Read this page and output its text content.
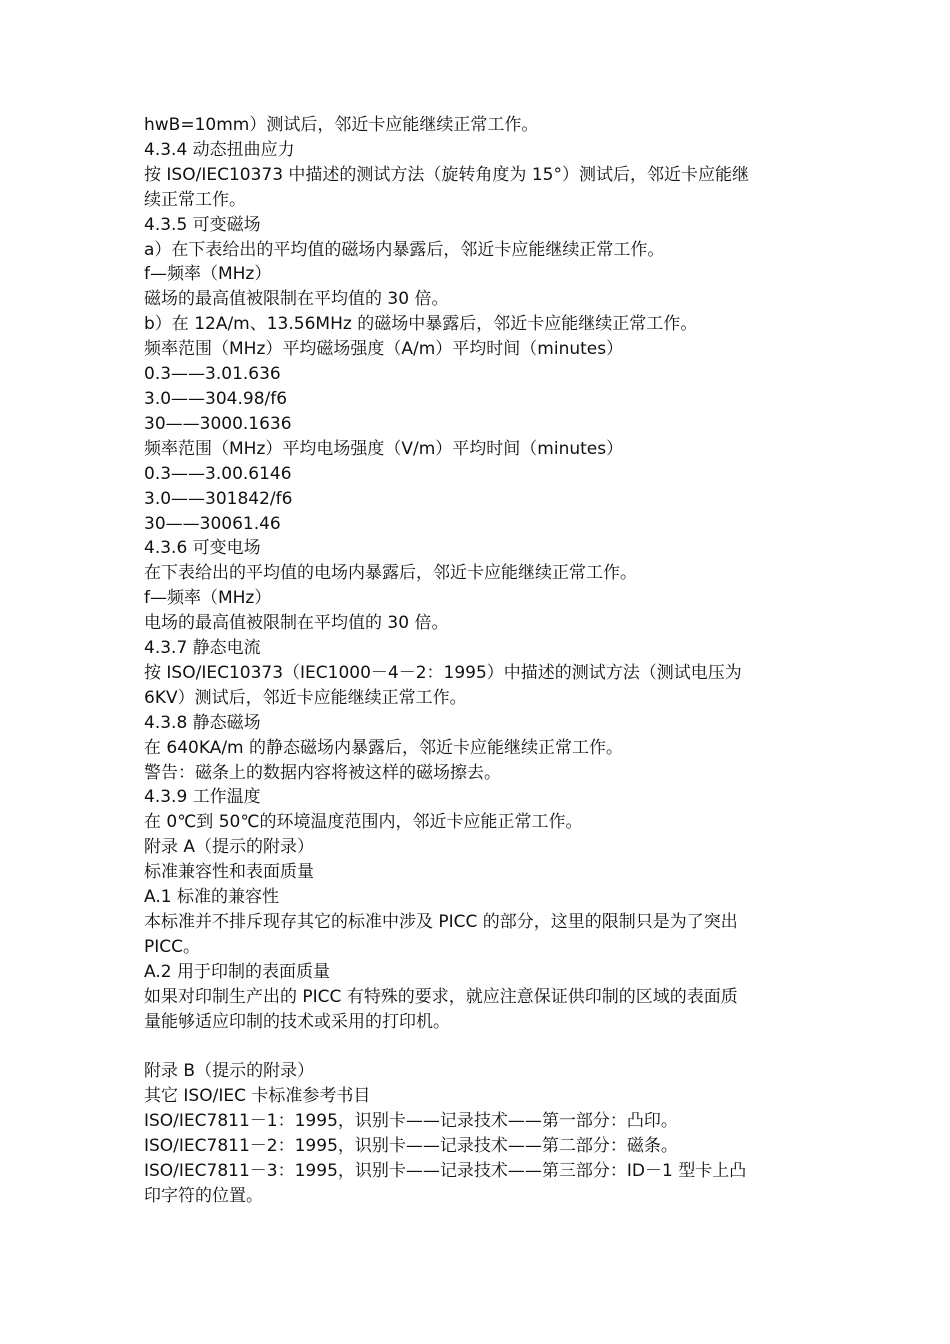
hwB=10mm）测试后，邻近卡应能继续正常工作。
4.3.4 动态扭曲应力
按 ISO/IEC10373 中描述的测试方法（旋转角度为 15°）测试后，邻近卡应能继
续正常工作。
4.3.5 可变磁场
a）在下表给出的平均值的磁场内暴露后，邻近卡应能继续正常工作。
f—频率（MHz）
磁场的最高值被限制在平均值的 30 倍。
b）在 12A/m、13.56MHz 的磁场中暴露后，邻近卡应能继续正常工作。
频率范围（MHz）平均磁场强度（A/m）平均时间（minutes）
0.3——3.01.636
3.0——304.98/f6
30——3000.1636
频率范围（MHz）平均电场强度（V/m）平均时间（minutes）
0.3——3.00.6146
3.0——301842/f6
30——30061.46
4.3.6 可变电场
在下表给出的平均值的电场内暴露后，邻近卡应能继续正常工作。
f—频率（MHz）
电场的最高值被限制在平均值的 30 倍。
4.3.7 静态电流
按 ISO/IEC10373（IEC1000－4－2：1995）中描述的测试方法（测试电压为
6KV）测试后，邻近卡应能继续正常工作。
4.3.8 静态磁场
在 640KA/m 的静态磁场内暴露后，邻近卡应能继续正常工作。
警告：磁条上的数据内容将被这样的磁场擦去。
4.3.9 工作温度
在 0℃到 50℃的环境温度范围内，邻近卡应能正常工作。
附录 A（提示的附录）
标准兼容性和表面质量
A.1 标准的兼容性
本标准并不排斥现存其它的标准中涉及 PICC 的部分，这里的限制只是为了突出
PICC。
A.2 用于印制的表面质量
如果对印制生产出的 PICC 有特殊的要求，就应注意保证供印制的区域的表面质
量能够适应印制的技术或采用的打印机。
附录 B（提示的附录）
其它 ISO/IEC 卡标准参考书目
ISO/IEC7811－1：1995，识别卡——记录技术——第一部分：凸印。
ISO/IEC7811－2：1995，识别卡——记录技术——第二部分：磁条。
ISO/IEC7811－3：1995，识别卡——记录技术——第三部分：ID－1 型卡上凸
印字符的位置。
